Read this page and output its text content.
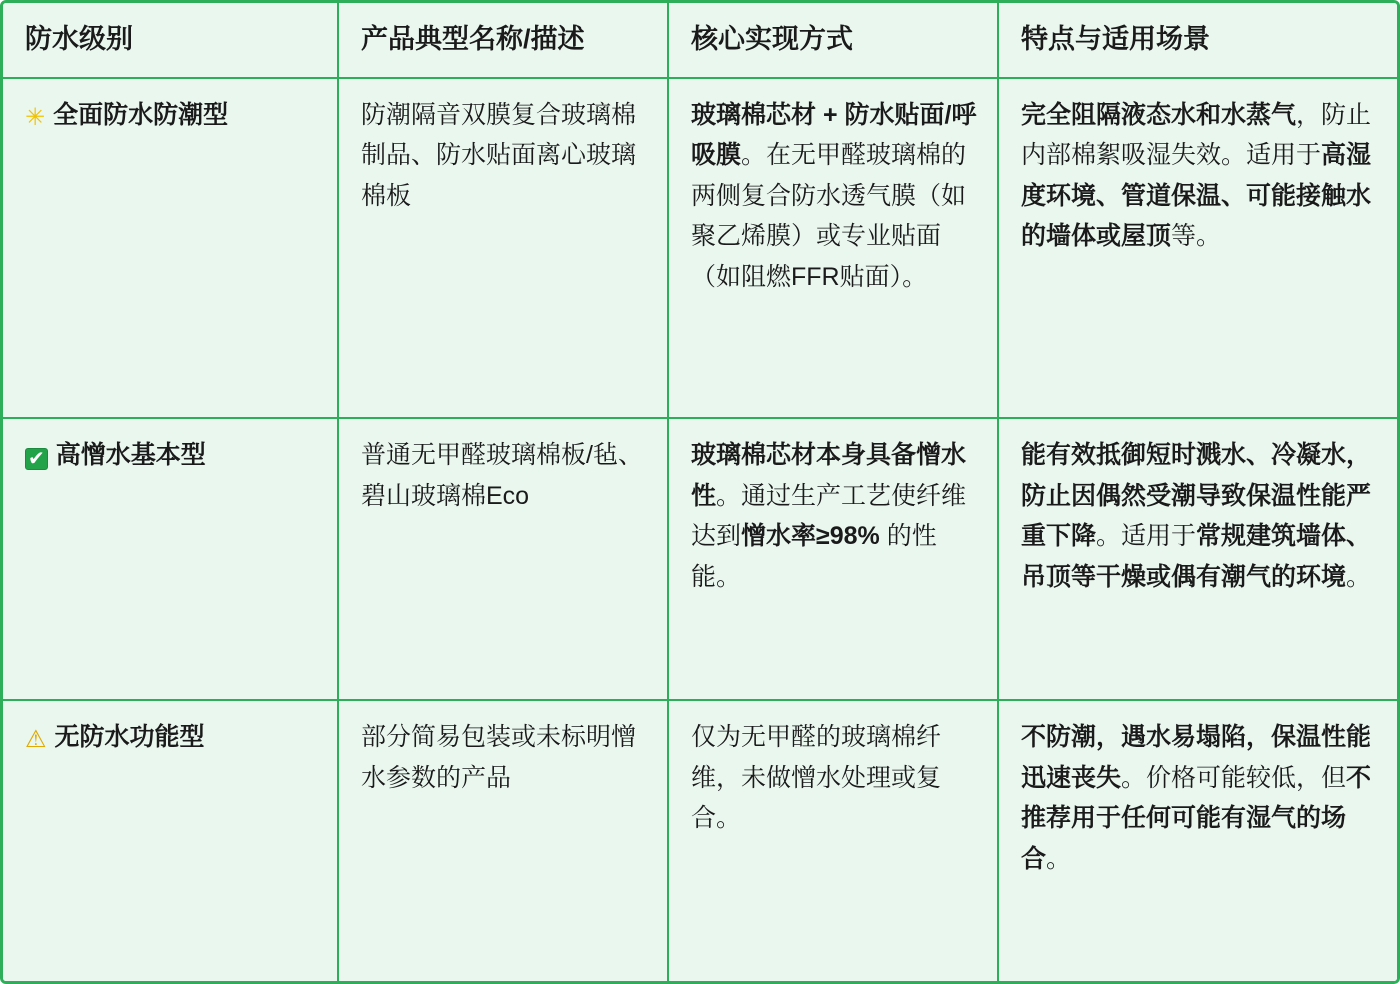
防水级别	产品典型名称/描述	核心实现方式	特点与适用场景
✳ 全面防水防潮型	防潮隔音双膜复合玻璃棉制品、防水贴面离心玻璃棉板	玻璃棉芯材 + 防水贴面/呼吸膜。在无甲醛玻璃棉的两侧复合防水透气膜（如聚乙烯膜）或专业贴面（如阻燃FFR贴面）。	完全阻隔液态水和水蒸气，防止内部棉絮吸湿失效。适用于高湿度环境、管道保温、可能接触水的墙体或屋顶等。

✔ 高憎水基本型	普通无甲醛玻璃棉板/毡、碧山玻璃棉Eco	玻璃棉芯材本身具备憎水性。通过生产工艺使纤维达到憎水率≥98% 的性能。	能有效抵御短时溅水、冷凝水，防止因偶然受潮导致保温性能严重下降。适用于常规建筑墙体、吊顶等干燥或偶有潮气的环境。

⚠ 无防水功能型	部分简易包装或未标明憎水参数的产品	仅为无甲醛的玻璃棉纤维，未做憎水处理或复合。	不防潮，遇水易塌陷，保温性能迅速丧失。价格可能较低，但不推荐用于任何可能有湿气的场合。
